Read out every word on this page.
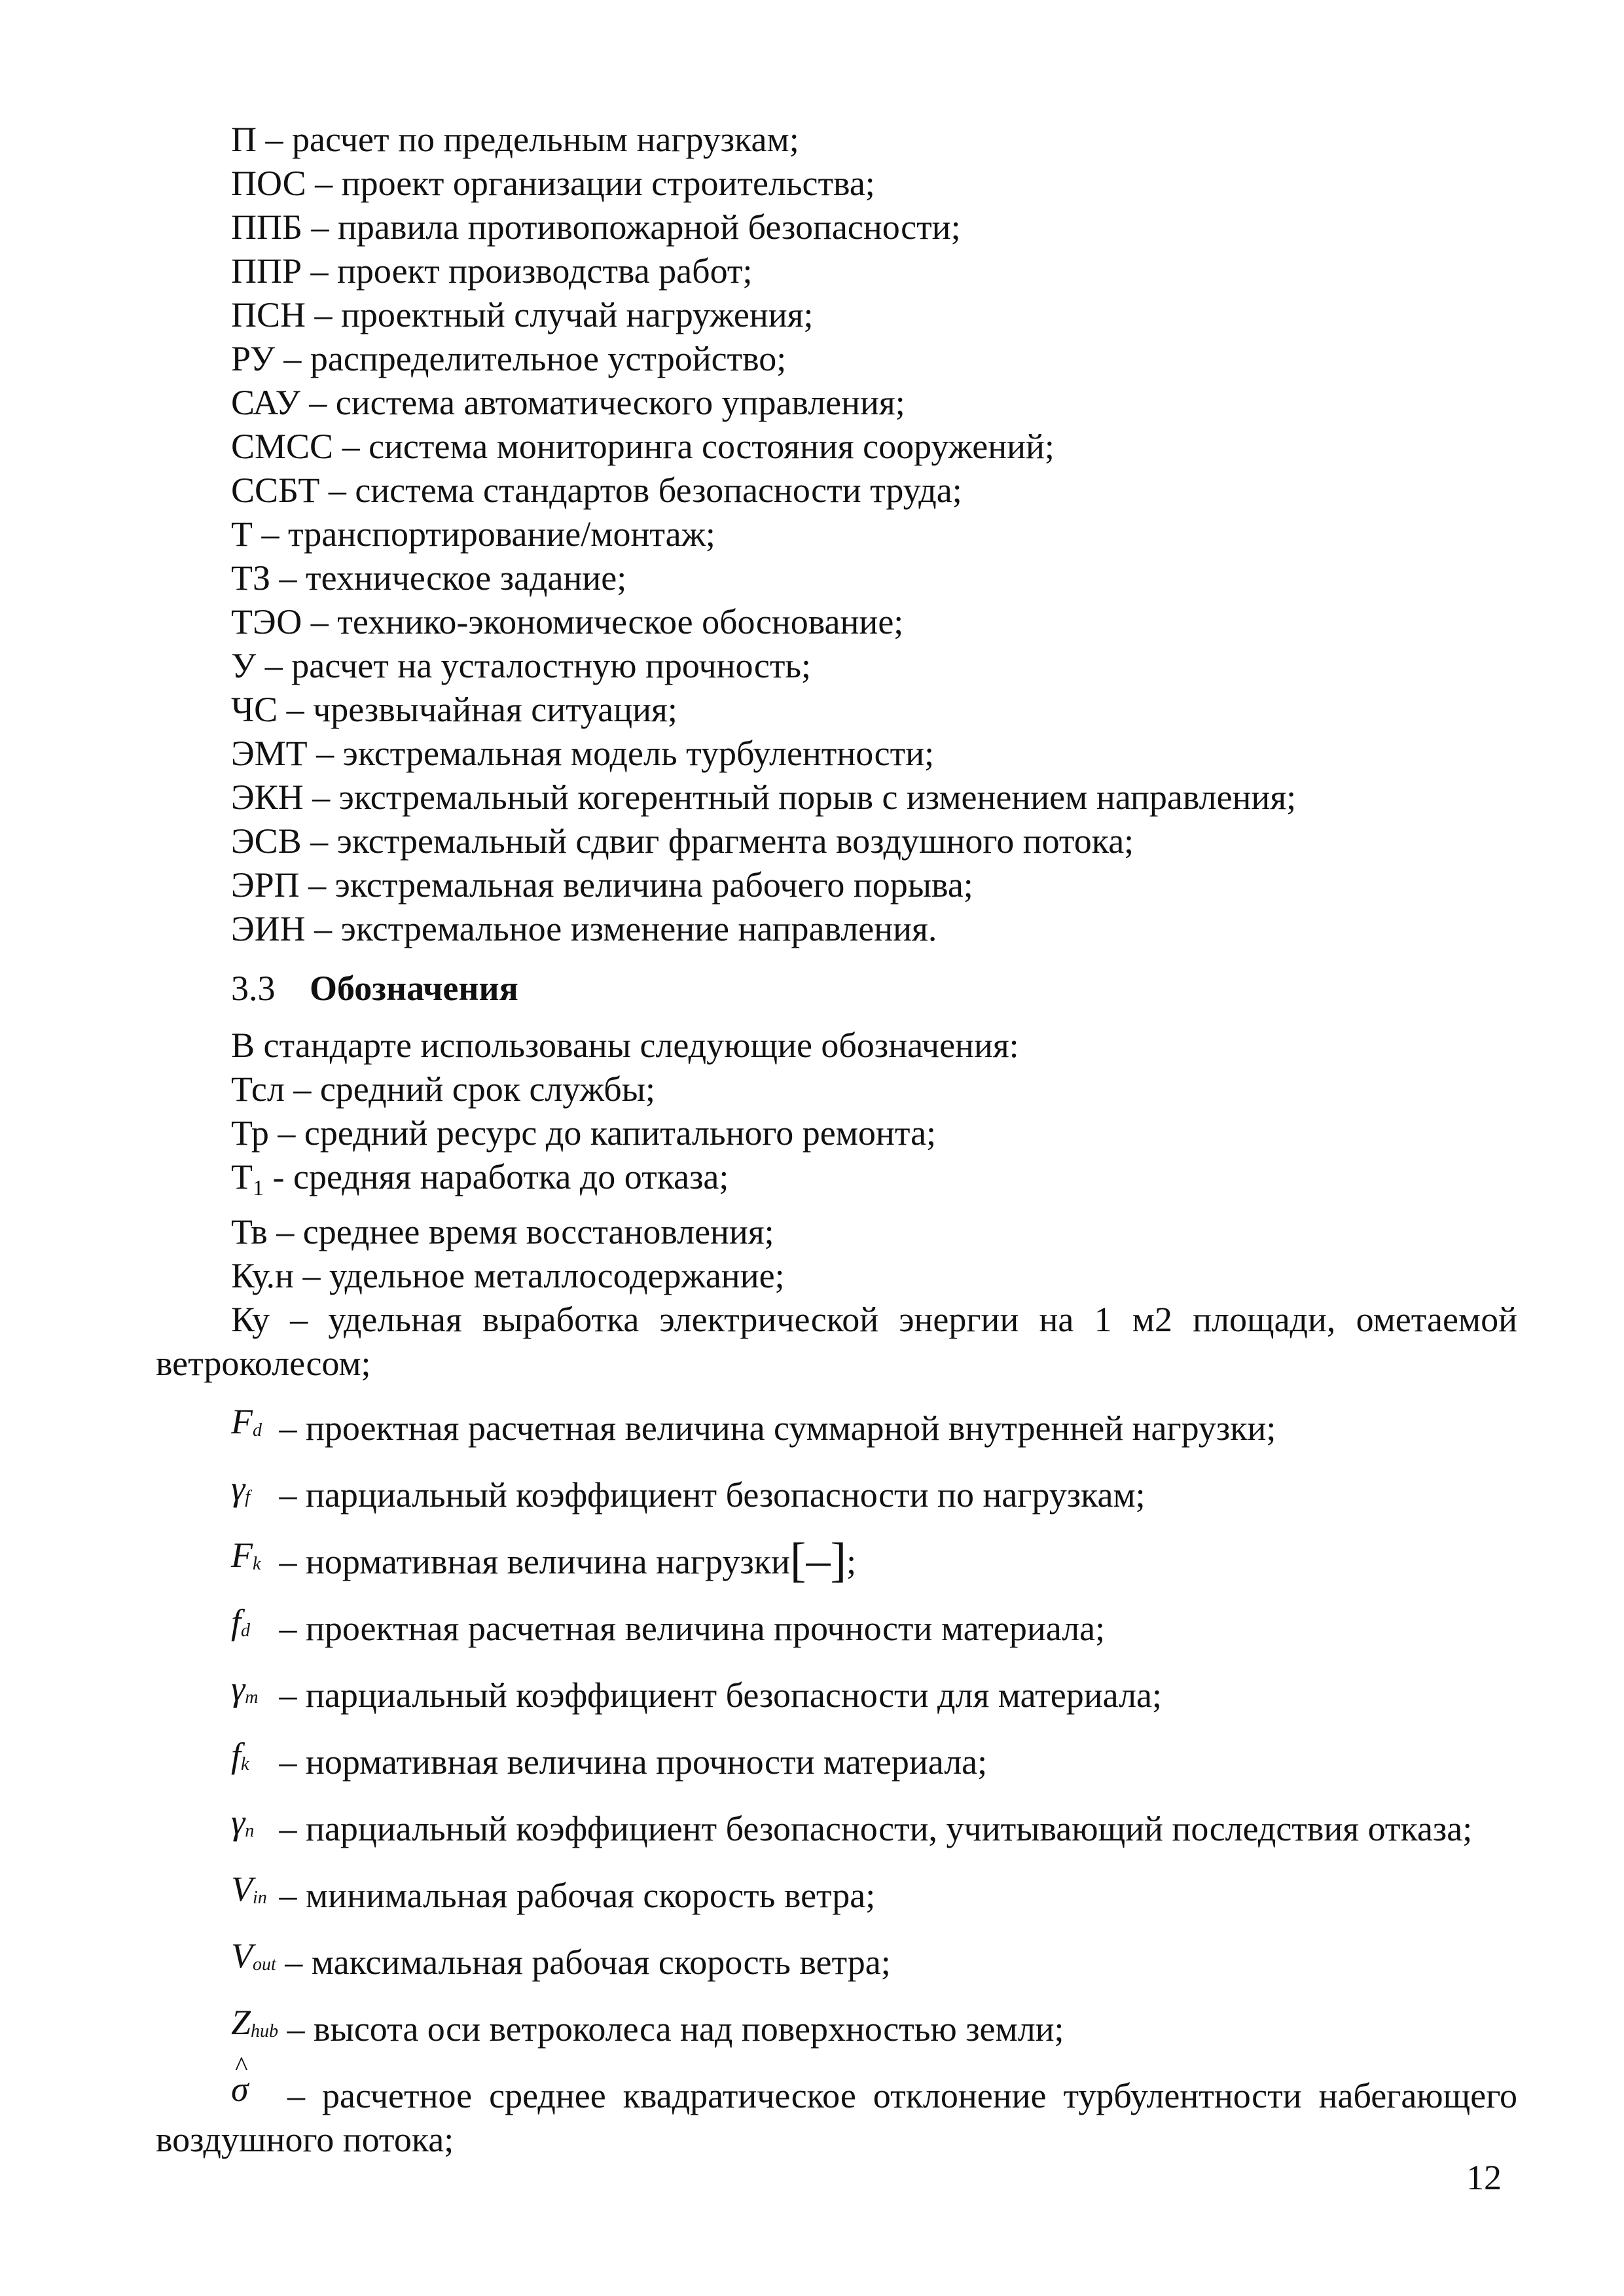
П – расчет по предельным нагрузкам;
ПОС – проект организации строительства;
ППБ – правила противопожарной безопасности;
ППР – проект производства работ;
ПСН – проектный случай нагружения;
РУ – распределительное устройство;
САУ – система автоматического управления;
СМСС – система мониторинга состояния сооружений;
ССБТ – система стандартов безопасности труда;
Т – транспортирование/монтаж;
ТЗ – техническое задание;
ТЭО – технико-экономическое обоснование;
У – расчет на усталостную прочность;
ЧС – чрезвычайная ситуация;
ЭМТ – экстремальная модель турбулентности;
ЭКН – экстремальный когерентный порыв с изменением направления;
ЭСВ – экстремальный сдвиг фрагмента воздушного потока;
ЭРП – экстремальная величина рабочего порыва;
ЭИН – экстремальное изменение направления.
3.3 Обозначения
В стандарте использованы следующие обозначения:
Тсл – средний срок службы;
Тр – средний ресурс до капитального ремонта;
Т1 - средняя наработка до отказа;
Тв – среднее время восстановления;
Ку.н – удельное металлосодержание;
Ку – удельная выработка электрической энергии на 1 м2 площади, ометаемой ветроколесом;
$F_d$ – проектная расчетная величина суммарной внутренней нагрузки;
$\gamma_f$ – парциальный коэффициент безопасности по нагрузкам;
$F_k$ – нормативная величина нагрузки[–];
$f_d$ – проектная расчетная величина прочности материала;
$\gamma_m$ – парциальный коэффициент безопасности для материала;
$f_k$ – нормативная величина прочности материала;
$\gamma_n$ – парциальный коэффициент безопасности, учитывающий последствия отказа;
$V_{in}$ – минимальная рабочая скорость ветра;
$V_{out}$ – максимальная рабочая скорость ветра;
$Z_{hub}$ – высота оси ветроколеса над поверхностью земли;
^ σ – расчетное среднее квадратическое отклонение турбулентности набегающего воздушного потока;
12
